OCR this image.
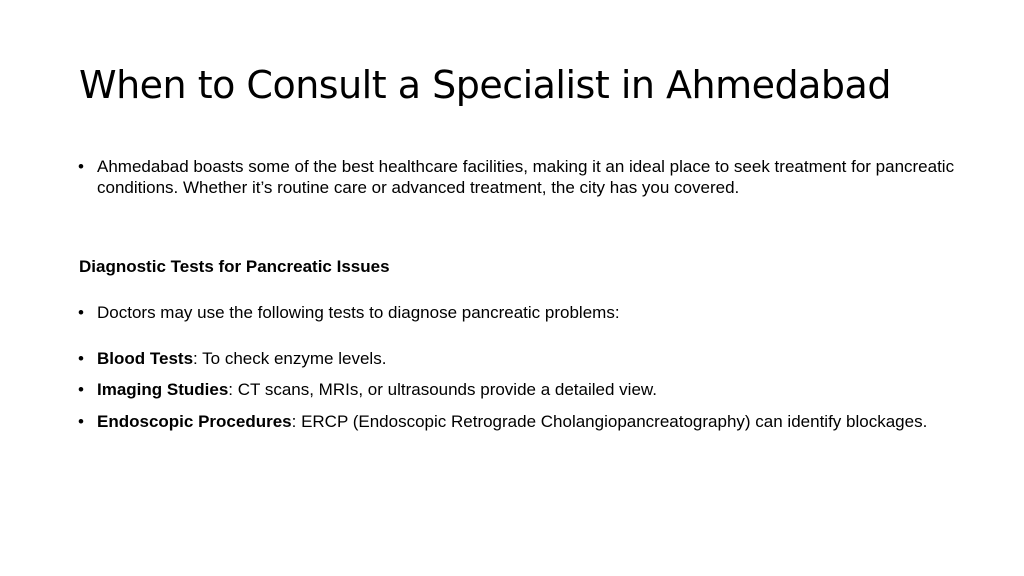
When to Consult a Specialist in Ahmedabad
• Ahmedabad boasts some of the best healthcare facilities, making it an ideal place to seek treatment for pancreatic conditions. Whether it’s routine care or advanced treatment, the city has you covered.
Diagnostic Tests for Pancreatic Issues
• Doctors may use the following tests to diagnose pancreatic problems:
• Blood Tests: To check enzyme levels.
• Imaging Studies: CT scans, MRIs, or ultrasounds provide a detailed view.
• Endoscopic Procedures: ERCP (Endoscopic Retrograde Cholangiopancreatography) can identify blockages.
